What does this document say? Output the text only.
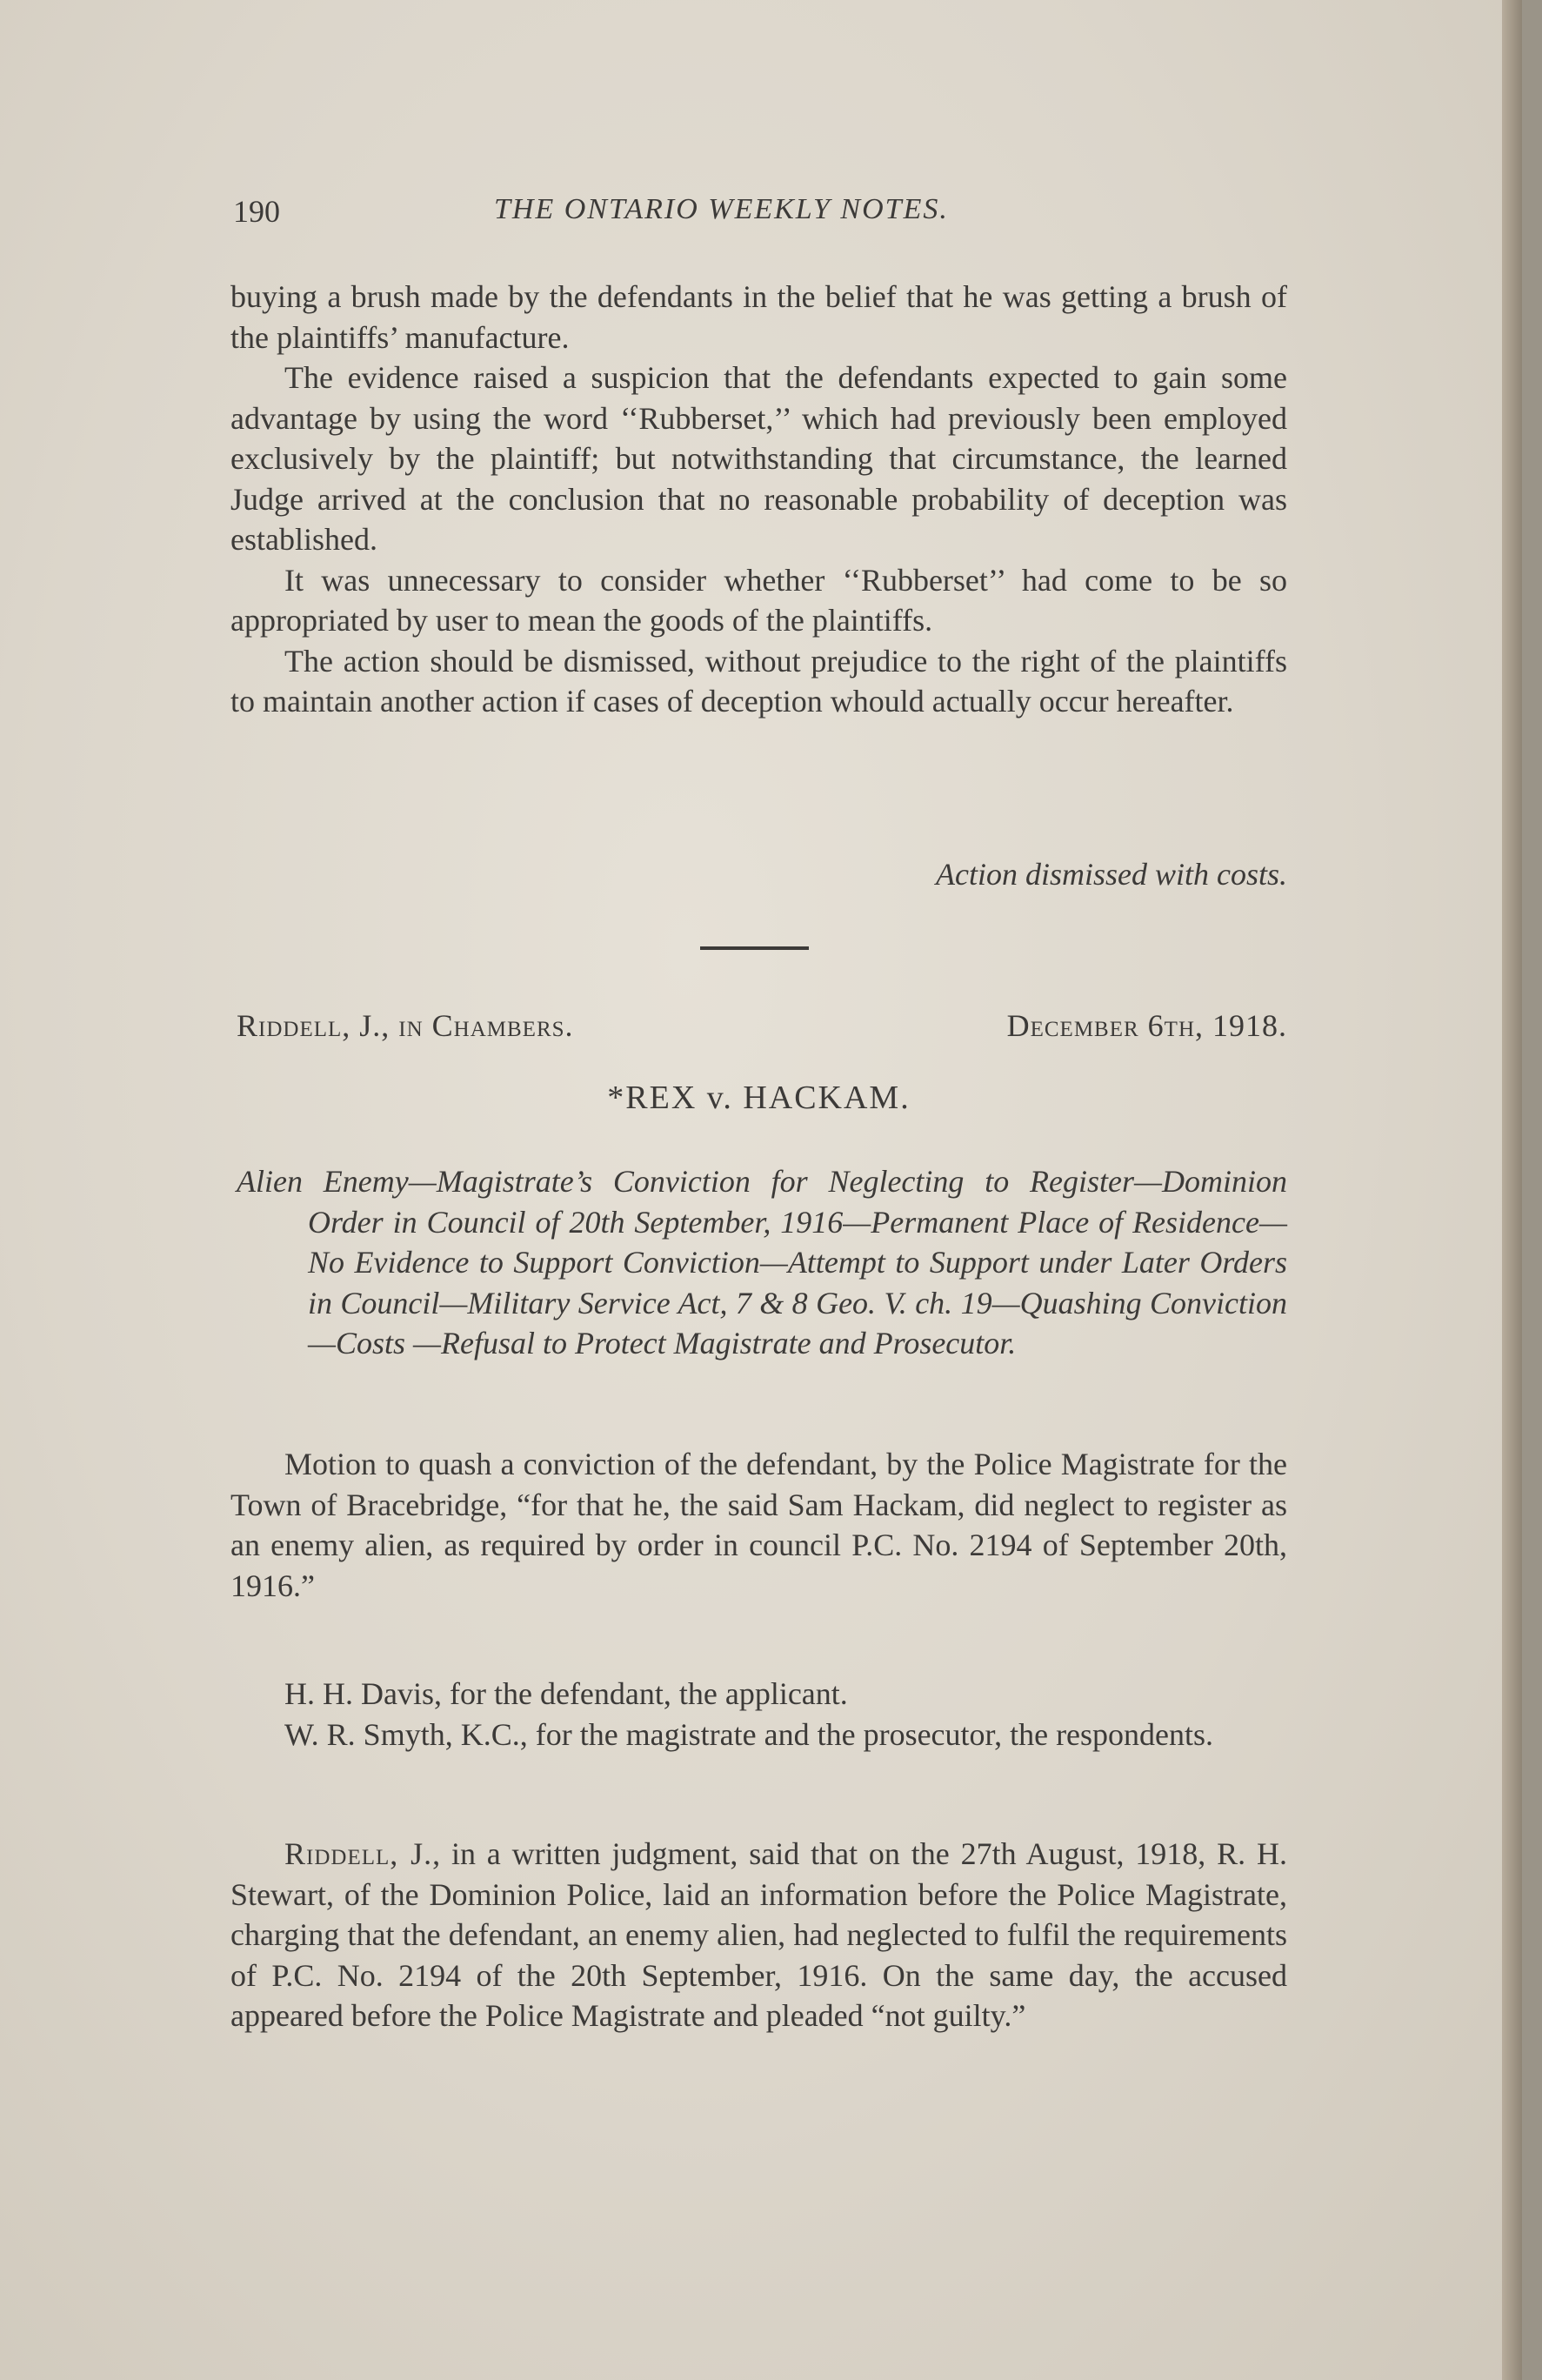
190	THE ONTARIO WEEKLY NOTES.

buying a brush made by the defendants in the belief that he was getting a brush of the plaintiffs’ manufacture.

The evidence raised a suspicion that the defendants expected to gain some advantage by using the word ‘‘Rubberset,’’ which had previously been employed exclusively by the plaintiff; but notwithstanding that circumstance, the learned Judge arrived at the conclusion that no reasonable probability of deception was established.

It was unnecessary to consider whether ‘‘Rubberset’’ had come to be so appropriated by user to mean the goods of the plaintiffs.

The action should be dismissed, without prejudice to the right of the plaintiffs to maintain another action if cases of deception whould actually occur hereafter.

Action dismissed with costs.
Riddell, J., in Chambers.	December 6th, 1918.
*REX v. HACKAM.
Alien Enemy—Magistrate’s Conviction for Neglecting to Register—Dominion Order in Council of 20th September, 1916—Permanent Place of Residence—No Evidence to Support Conviction—Attempt to Support under Later Orders in Council—Military Service Act, 7 & 8 Geo. V. ch. 19—Quashing Conviction—Costs —Refusal to Protect Magistrate and Prosecutor.

Motion to quash a conviction of the defendant, by the Police Magistrate for the Town of Bracebridge, “for that he, the said Sam Hackam, did neglect to register as an enemy alien, as required by order in council P.C. No. 2194 of September 20th, 1916.”

H. H. Davis, for the defendant, the applicant.

W. R. Smyth, K.C., for the magistrate and the prosecutor, the respondents.

Riddell, J., in a written judgment, said that on the 27th August, 1918, R. H. Stewart, of the Dominion Police, laid an information before the Police Magistrate, charging that the defendant, an enemy alien, had neglected to fulfil the requirements of P.C. No. 2194 of the 20th September, 1916. On the same day, the accused appeared before the Police Magistrate and pleaded “not guilty.”
